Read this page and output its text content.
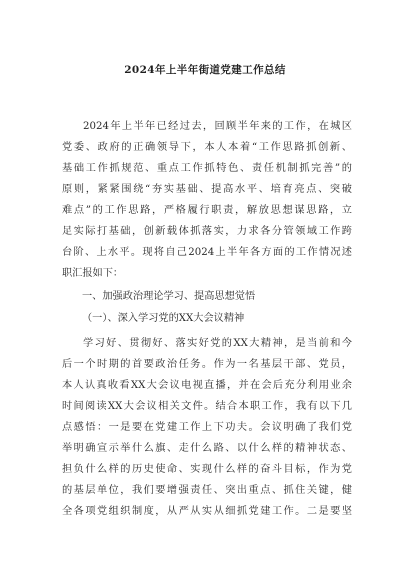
2024年上半年街道党建工作总结
2024年上半年已经过去，回顾半年来的工作，在城区
党委、政府的正确领导下，本人本着“工作思路抓创新、
基础工作抓规范、重点工作抓特色、责任机制抓完善”的
原则，紧紧围绕“夯实基础、提高水平、培育亮点、突破
难点”的工作思路，严格履行职责，解放思想谋思路，立
足实际打基础，创新载体抓落实，力求各分管领域工作跨
台阶、上水平。现将自己2024上半年各方面的工作情况述
职汇报如下：
一、加强政治理论学习、提高思想觉悟
（一）、深入学习党的XX大会议精神
学习好、贯彻好、落实好党的XX大精神，是当前和今
后一个时期的首要政治任务。作为一名基层干部、党员，
本人认真收看XX大会议电视直播，并在会后充分利用业余
时间阅读XX大会议相关文件。结合本职工作，我有以下几
点感悟：一是要在党建工作上下功夫。会议明确了我们党
举明确宣示举什么旗、走什么路、以什么样的精神状态、
担负什么样的历史使命、实现什么样的奋斗目标，作为党
的基层单位，我们要增强责任、突出重点、抓住关键，健
全各项党组织制度，从严从实从细抓党建工作。二是要坚
